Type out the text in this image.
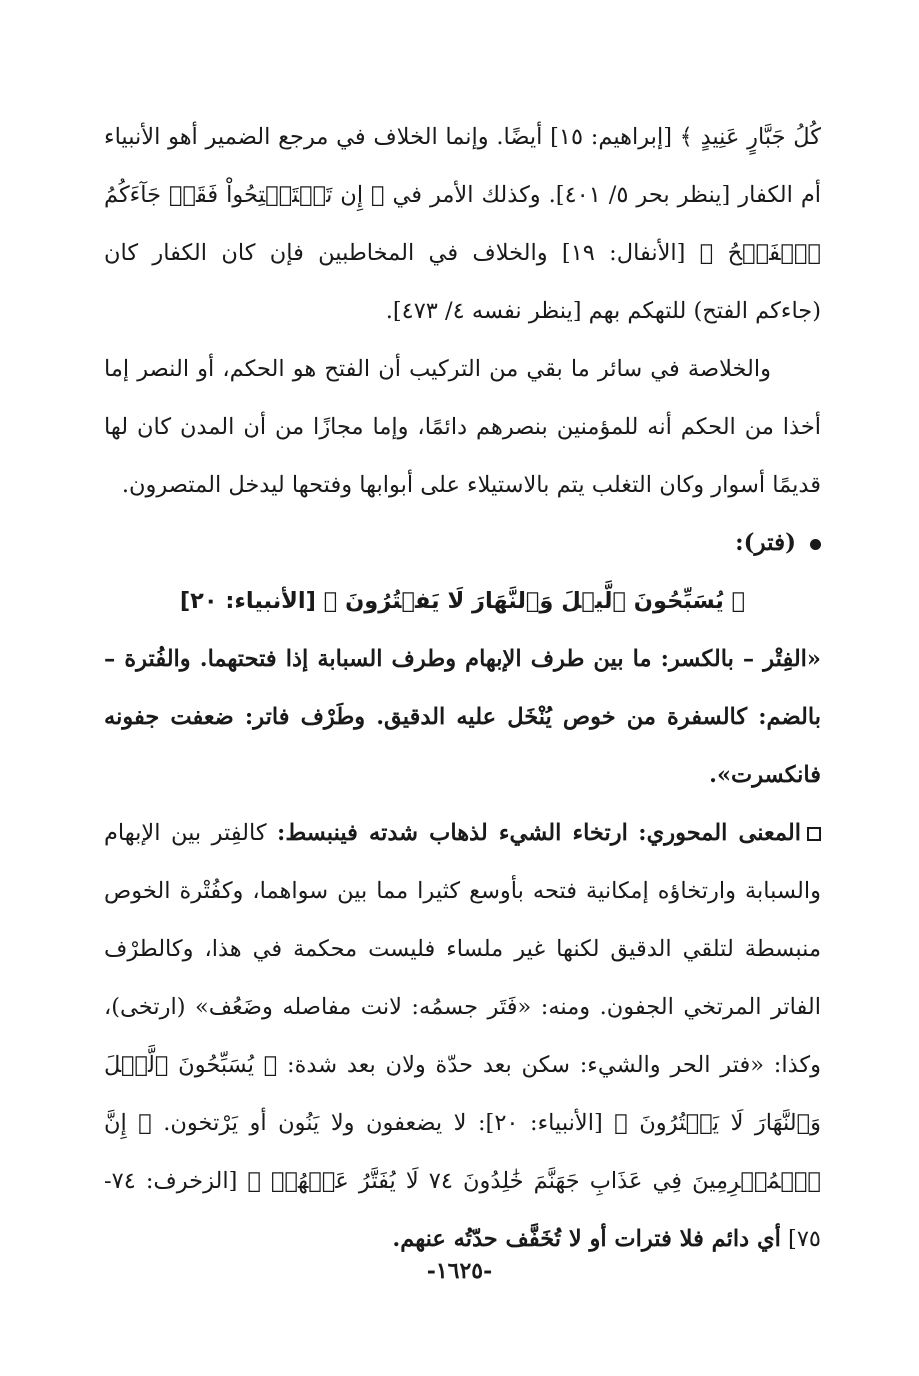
كُلُ جَبَّارٍ عَنِيدٍ ﴾ [إبراهيم: ١٥] أيضًا. وإنما الخلاف في مرجع الضمير أهو الأنبياء أم الكفار [ينظر بحر ٥/ ٤٠١]. وكذلك الأمر في ﴿ إِن تَسۡتَفۡتِحُواْ فَقَدۡ جَآءَكُمُ ٱلۡفَتۡحُ ﴾ [الأنفال: ١٩] والخلاف في المخاطبين فإن كان الكفار كان (جاءكم الفتح) للتهكم بهم [ينظر نفسه ٤/ ٤٧٣].

والخلاصة في سائر ما بقي من التركيب أن الفتح هو الحكم، أو النصر إما أخذا من الحكم أنه للمؤمنين بنصرهم دائمًا، وإما مجازًا من أن المدن كان لها قديمًا أسوار وكان التغلب يتم بالاستيلاء على أبوابها وفتحها ليدخل المتصرون.

(فتر):

﴿ يُسَبِّحُونَ ٱلَّيۡلَ وَٱلنَّهَارَ لَا يَفۡتُرُونَ ﴾ [الأنبياء: ٢٠]

«الفِتْر – بالكسر: ما بين طرف الإبهام وطرف السبابة إذا فتحتهما. والفُترة – بالضم: كالسفرة من خوص يُنْخَل عليه الدقيق. وطَرْف فاتر: ضعفت جفونه فانكسرت».

المعنى المحوري: ارتخاء الشيء لذهاب شدته فينبسط: كالفِتر بين الإبهام والسبابة وارتخاؤه إمكانية فتحه بأوسع كثيرا مما بين سواهما، وكفُتْرة الخوص منبسطة لتلقي الدقيق لكنها غير ملساء فليست محكمة في هذا، وكالطرْف الفاتر المرتخي الجفون. ومنه: «فَتَر جسمُه: لانت مفاصله وضَعُف» (ارتخى)، وكذا: «فتر الحر والشيء: سكن بعد حدّة ولان بعد شدة: ﴿ يُسَبِّحُونَ ٱلَّيۡلَ وَٱلنَّهَارَ لَا يَفۡتُرُونَ ﴾ [الأنبياء: ٢٠]: لا يضعفون ولا يَنُون أو يَرْتخون. ﴿ إِنَّ ٱلۡمُجۡرِمِينَ فِي عَذَابِ جَهَنَّمَ خَٰلِدُونَ ٧٤ لَا يُفَتَّرُ عَنۡهُمۡ ﴾ [الزخرف: ٧٤- ٧٥] أي دائم فلا فترات أو لا تُخَفَّف حدّتُه عنهم.

-١٦٢٥-
